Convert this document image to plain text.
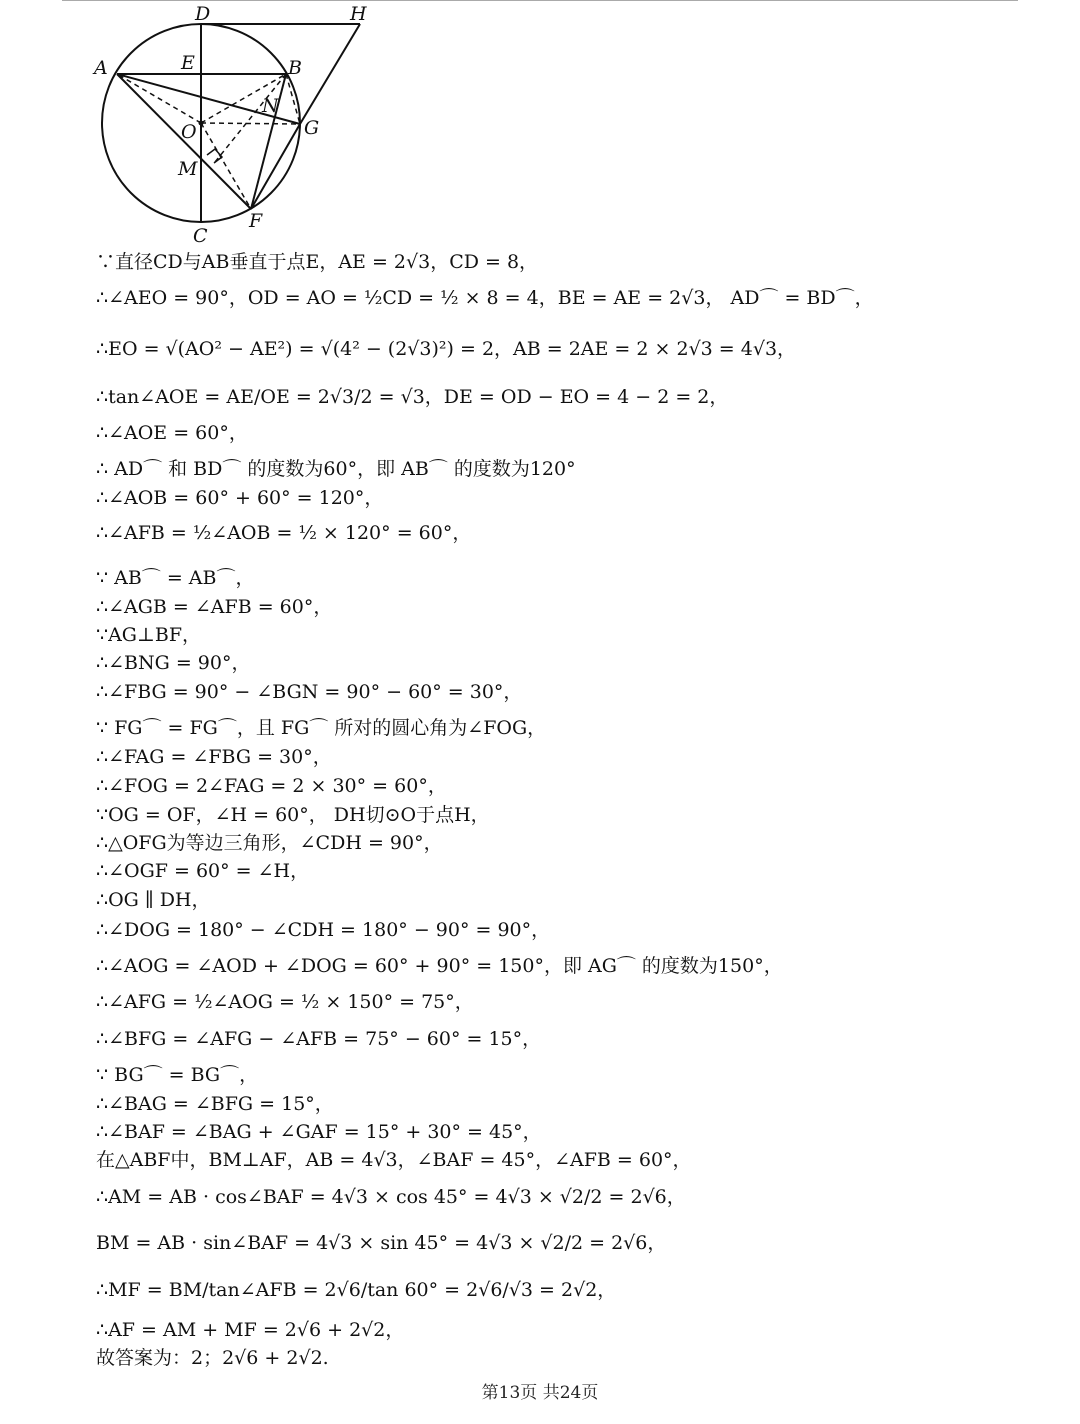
D	H
A	E	B
N
O	G
M
F
C
∵直径CD与AB垂直于点E，AE = 2√3，CD = 8，
∴∠AEO = 90°，OD = AO = ½CD = ½ × 8 = 4，BE = AE = 2√3， AD⌒ = BD⌒，
∴EO = √(AO² − AE²) = √(4² − (2√3)²) = 2，AB = 2AE = 2 × 2√3 = 4√3，
∴tan∠AOE = AE/OE = 2√3/2 = √3，DE = OD − EO = 4 − 2 = 2，
∴∠AOE = 60°，
∴ AD⌒ 和 BD⌒ 的度数为60°，即 AB⌒ 的度数为120°
∴∠AOB = 60° + 60° = 120°，
∴∠AFB = ½∠AOB = ½ × 120° = 60°，
∵ AB⌒ = AB⌒，
∴∠AGB = ∠AFB = 60°，
∵AG⊥BF，
∴∠BNG = 90°，
∴∠FBG = 90° − ∠BGN = 90° − 60° = 30°，
∵ FG⌒ = FG⌒，且 FG⌒ 所对的圆心角为∠FOG，
∴∠FAG = ∠FBG = 30°，
∴∠FOG = 2∠FAG = 2 × 30° = 60°，
∵OG = OF，∠H = 60°， DH切⊙O于点H，
∴△OFG为等边三角形，∠CDH = 90°，
∴∠OGF = 60° = ∠H，
∴OG ∥ DH，
∴∠DOG = 180° − ∠CDH = 180° − 90° = 90°，
∴∠AOG = ∠AOD + ∠DOG = 60° + 90° = 150°，即 AG⌒ 的度数为150°，
∴∠AFG = ½∠AOG = ½ × 150° = 75°，
∴∠BFG = ∠AFG − ∠AFB = 75° − 60° = 15°，
∵ BG⌒ = BG⌒，
∴∠BAG = ∠BFG = 15°，
∴∠BAF = ∠BAG + ∠GAF = 15° + 30° = 45°，
在△ABF中，BM⊥AF，AB = 4√3，∠BAF = 45°，∠AFB = 60°，
∴AM = AB · cos∠BAF = 4√3 × cos 45° = 4√3 × √2/2 = 2√6，
BM = AB · sin∠BAF = 4√3 × sin 45° = 4√3 × √2/2 = 2√6，
∴MF = BM/tan∠AFB = 2√6/tan 60° = 2√6/√3 = 2√2，
∴AF = AM + MF = 2√6 + 2√2，
故答案为：2；2√6 + 2√2.
第13页 共24页
